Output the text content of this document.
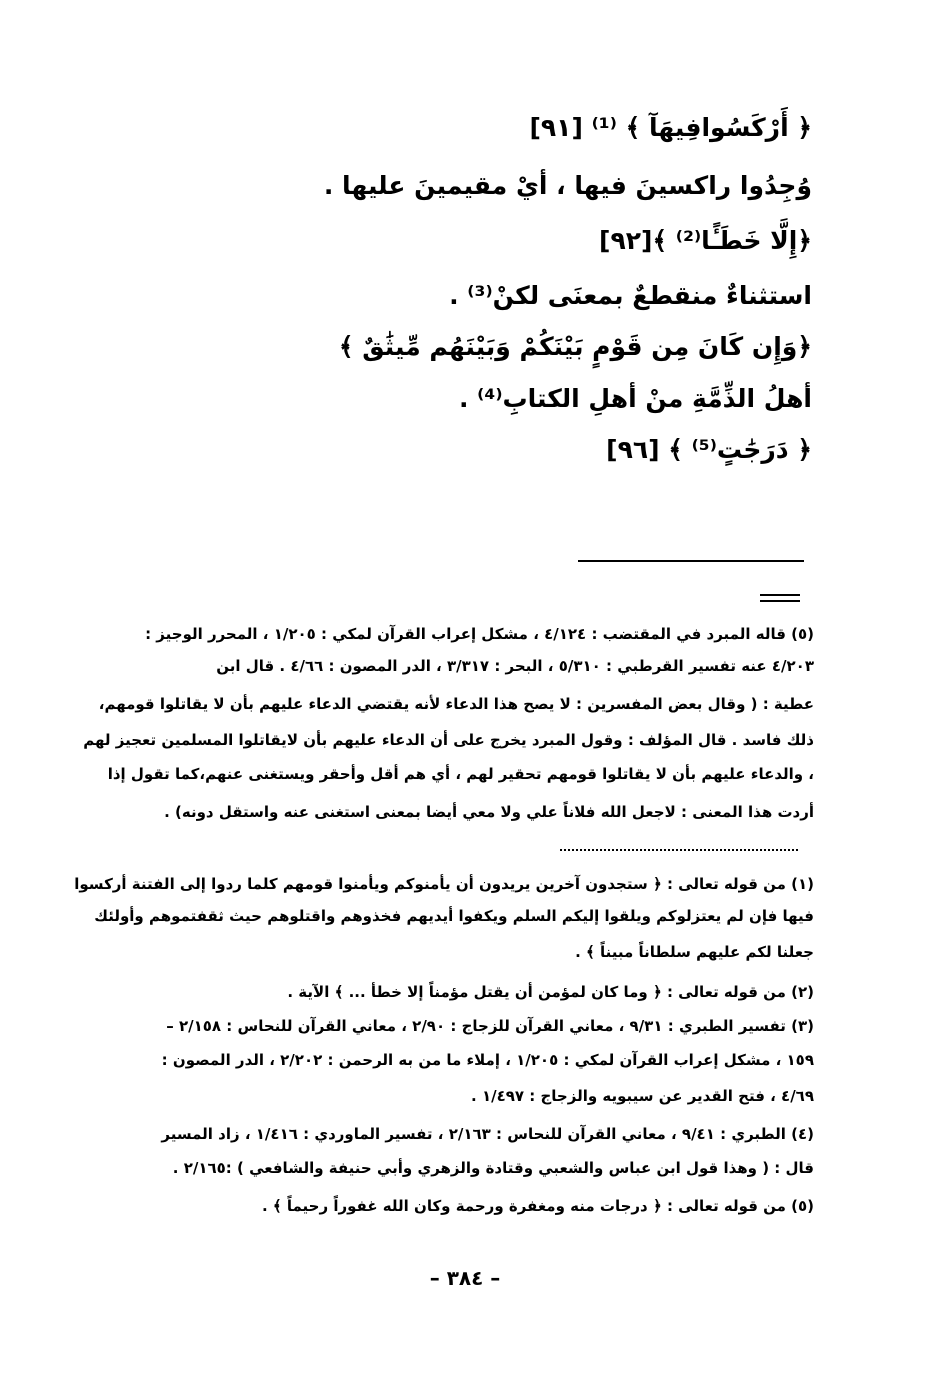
﴿ أَرْكَسُوافِيهَآ ﴾ ⁽¹⁾ [٩١]
وُجِدُوا راكسينَ فيها ، أيْ مقيمينَ عليها .
﴿إِلَّا خَطَـًٔا⁽²⁾ ﴾[٩٢]
استثناءٌ منقطعٌ بمعنَى لكنْ⁽³⁾ .
﴿وَإِن كَانَ مِن قَوْمٍ بَيْنَكُمْ وَبَيْنَهُم مِّيثَٰقٌ ﴾
أهلُ الذِّمَّةِ منْ أهلِ الكتابِ⁽⁴⁾ .
﴿ دَرَجَٰتٍ⁽⁵⁾ ﴾ [٩٦]
(٥) قاله المبرد في المقتضب : ٤/١٢٤ ، مشكل إعراب القرآن لمكي : ١/٢٠٥ ، المحرر الوجيز :
٤/٢٠٣ عنه تفسير القرطبي : ٥/٣١٠ ، البحر : ٣/٣١٧ ، الدر المصون : ٤/٦٦ . قال ابن
عطية : ( وقال بعض المفسرين : لا يصح هذا الدعاء لأنه يقتضي الدعاء عليهم بأن لا يقاتلوا قومهم،
ذلك فاسد . قال المؤلف : وقول المبرد يخرج على أن الدعاء عليهم بأن لايقاتلوا المسلمين تعجيز لهم
، والدعاء عليهم بأن لا يقاتلوا قومهم تحقير لهم ، أي هم أقل وأحقر ويستغنى عنهم،كما تقول إذا
أردت هذا المعنى : لاجعل الله فلاناً علي ولا معي أيضا بمعنى استغنى عنه واستقل دونه) .
(١) من قوله تعالى : ﴿ ستجدون آخرين يريدون أن يأمنوكم ويأمنوا قومهم كلما ردوا إلى الفتنة أركسوا
فيها فإن لم يعتزلوكم ويلقوا إليكم السلم ويكفوا أيديهم فخذوهم واقتلوهم حيث ثقفتموهم وأولئك
جعلنا لكم عليهم سلطاناً مبيناً ﴾ .
(٢) من قوله تعالى : ﴿ وما كان لمؤمن أن يقتل مؤمناً إلا خطأ ... ﴾ الآية .
(٣) تفسير الطبري : ٩/٣١ ، معاني القرآن للزجاج : ٢/٩٠ ، معاني القرآن للنحاس : ٢/١٥٨ –
١٥٩ ، مشكل إعراب القرآن لمكي : ١/٢٠٥ ، إملاء ما من به الرحمن : ٢/٢٠٢ ، الدر المصون :
٤/٦٩ ، فتح القدير عن سيبويه والزجاج : ١/٤٩٧ .
(٤) الطبري : ٩/٤١ ، معاني القرآن للنحاس : ٢/١٦٣ ، تفسير الماوردي : ١/٤١٦ ، زاد المسير
قال : ( وهذا قول ابن عباس والشعبي وقتادة والزهري وأبي حنيفة والشافعي ) :٢/١٦٥ .
(٥) من قوله تعالى : ﴿ درجات منه ومغفرة ورحمة وكان الله غفوراً رحيماً ﴾ .
– ٣٨٤ –
